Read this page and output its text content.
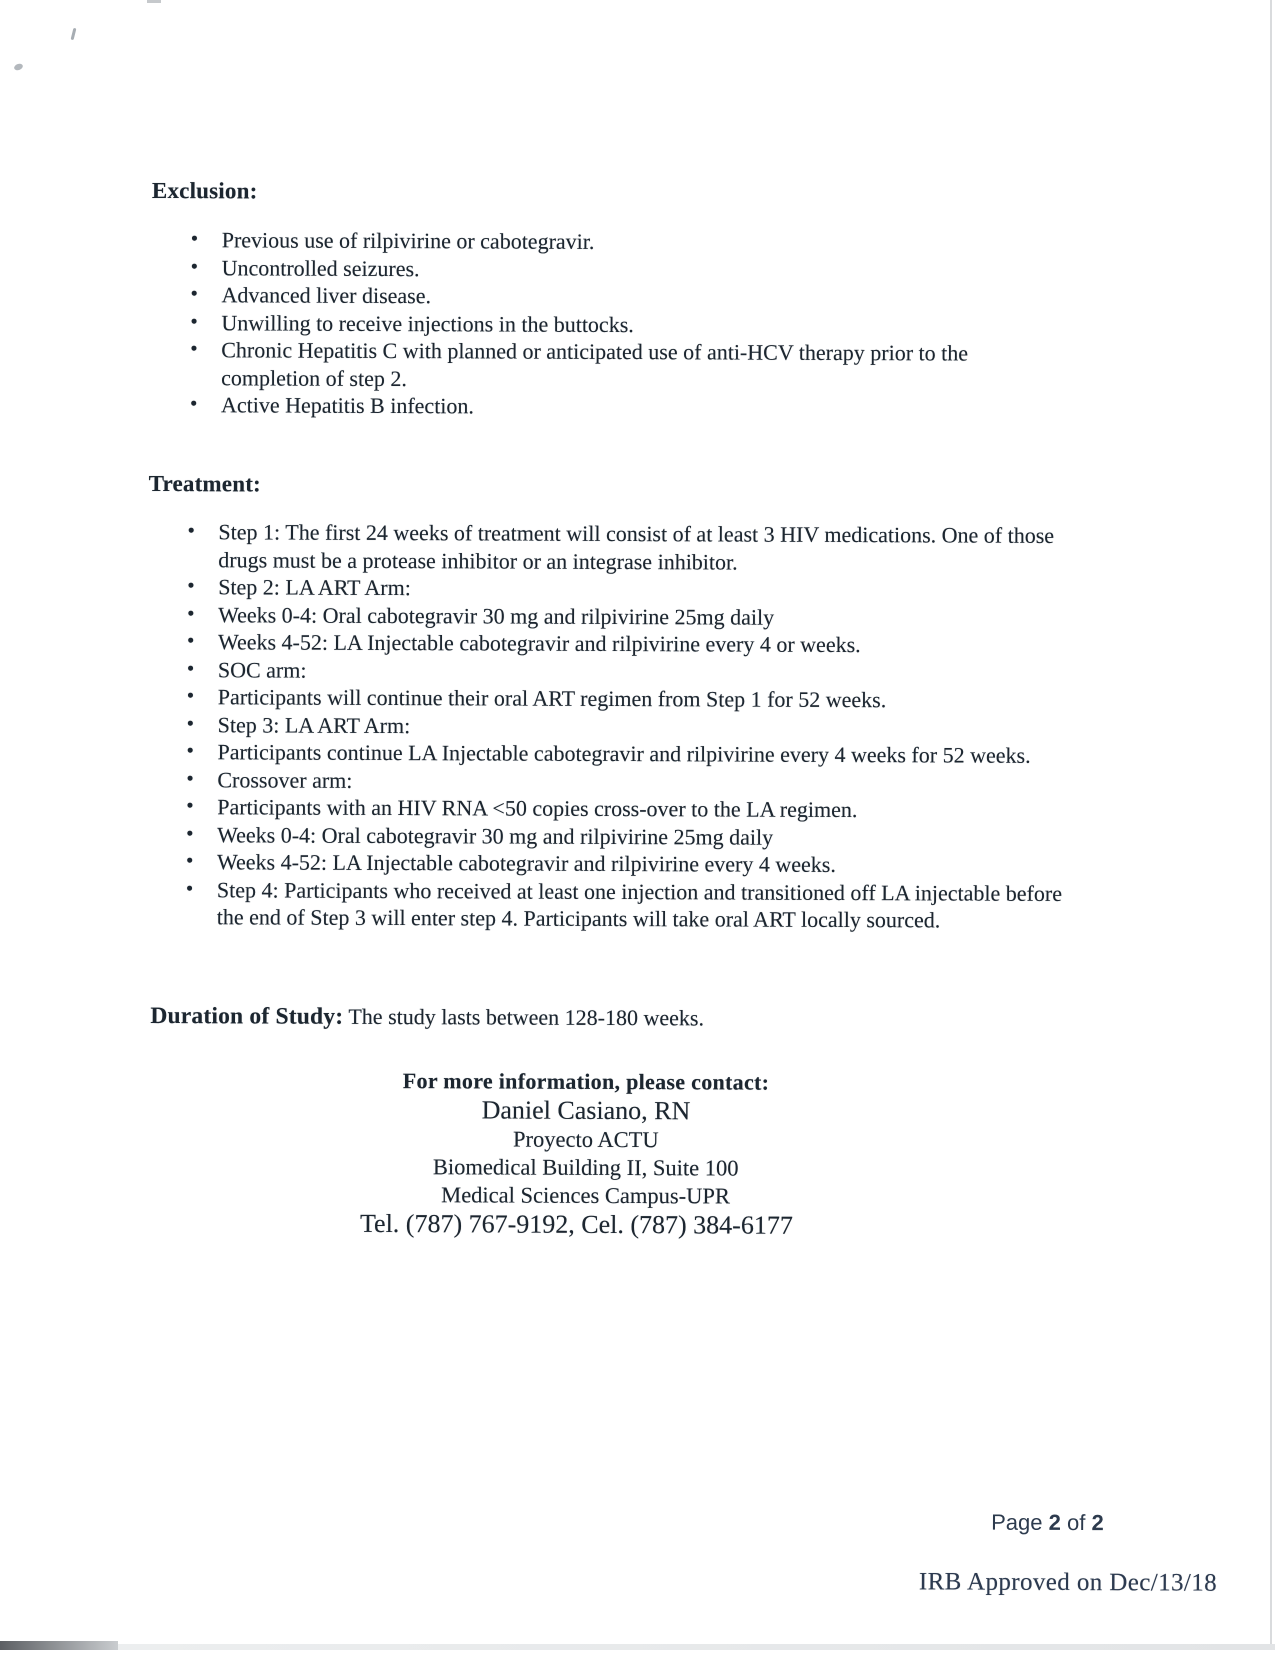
Exclusion:
• Previous use of rilpivirine or cabotegravir.
• Uncontrolled seizures.
• Advanced liver disease.
• Unwilling to receive injections in the buttocks.
• Chronic Hepatitis C with planned or anticipated use of anti-HCV therapy prior to the completion of step 2.
• Active Hepatitis B infection.
Treatment:
• Step 1: The first 24 weeks of treatment will consist of at least 3 HIV medications. One of those drugs must be a protease inhibitor or an integrase inhibitor.
• Step 2: LA ART Arm:
• Weeks 0-4: Oral cabotegravir 30 mg and rilpivirine 25mg daily
• Weeks 4-52: LA Injectable cabotegravir and rilpivirine every 4 or weeks.
• SOC arm:
• Participants will continue their oral ART regimen from Step 1 for 52 weeks.
• Step 3: LA ART Arm:
• Participants continue LA Injectable cabotegravir and rilpivirine every 4 weeks for 52 weeks.
• Crossover arm:
• Participants with an HIV RNA <50 copies cross-over to the LA regimen.
• Weeks 0-4: Oral cabotegravir 30 mg and rilpivirine 25mg daily
• Weeks 4-52: LA Injectable cabotegravir and rilpivirine every 4 weeks.
• Step 4: Participants who received at least one injection and transitioned off LA injectable before the end of Step 3 will enter step 4. Participants will take oral ART locally sourced.

Duration of Study: The study lasts between 128-180 weeks.

For more information, please contact:
Daniel Casiano, RN
Proyecto ACTU
Biomedical Building II, Suite 100
Medical Sciences Campus-UPR
Tel. (787) 767-9192, Cel. (787) 384-6177
Page 2 of 2
IRB Approved on Dec/13/18
